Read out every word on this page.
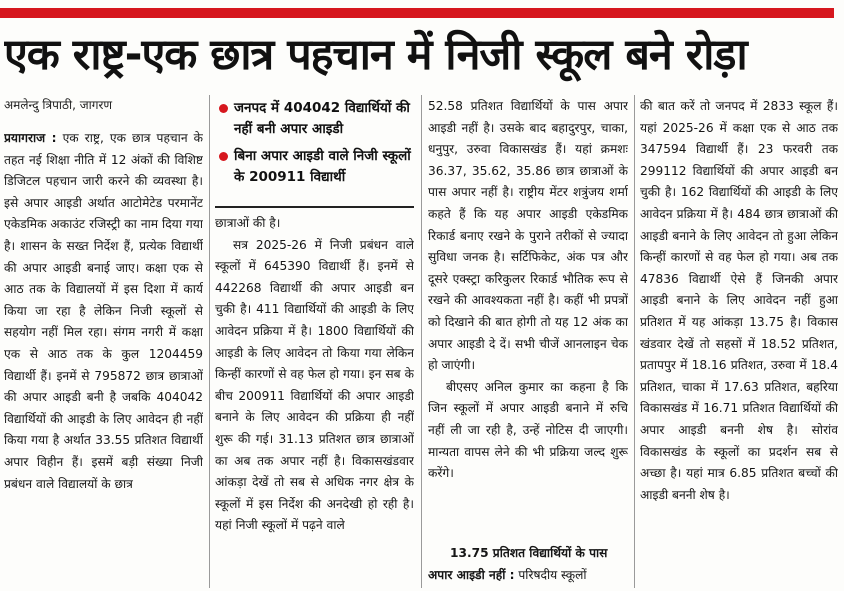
एक राष्ट्र-एक छात्र पहचान में निजी स्कूल बने रोड़ा
अमलेन्दु त्रिपाठी, जागरण

प्रयागराज : एक राष्ट्र, एक छात्र पहचान के तहत नई शिक्षा नीति में 12 अंकों की विशिष्ट डिजिटल पहचान जारी करने की व्यवस्था है। इसे अपार आइडी अर्थात आटोमेटेड परमानेंट एकेडमिक अकाउंट रजिस्ट्री का नाम दिया गया है। शासन के सख्त निर्देश हैं, प्रत्येक विद्यार्थी की अपार आइडी बनाई जाए। कक्षा एक से आठ तक के विद्यालयों में इस दिशा में कार्य किया जा रहा है लेकिन निजी स्कूलों से सहयोग नहीं मिल रहा। संगम नगरी में कक्षा एक से आठ तक के कुल 1204459 विद्यार्थी हैं। इनमें से 795872 छात्र छात्राओं की अपार आइडी बनी है जबकि 404042 विद्यार्थियों की आइडी के लिए आवेदन ही नहीं किया गया है अर्थात 33.55 प्रतिशत विद्यार्थी अपार विहीन हैं। इसमें बड़ी संख्या निजी प्रबंधन वाले विद्यालयों के छात्र

जनपद में 404042 विद्यार्थियों की नहीं बनी अपार आइडी
बिना अपार आइडी वाले निजी स्कूलों के 200911 विद्यार्थी

छात्राओं की है।

सत्र 2025-26 में निजी प्रबंधन वाले स्कूलों में 645390 विद्यार्थी हैं। इनमें से 442268 विद्यार्थी की अपार आइडी बन चुकी है। 411 विद्यार्थियों की आइडी के लिए आवेदन प्रक्रिया में है। 1800 विद्यार्थियों की आइडी के लिए आवेदन तो किया गया लेकिन किन्हीं कारणों से वह फेल हो गया। इन सब के बीच 200911 विद्यार्थियों की अपार आइडी बनाने के लिए आवेदन की प्रक्रिया ही नहीं शुरू की गई। 31.13 प्रतिशत छात्र छात्राओं का अब तक अपार नहीं है। विकासखंडवार आंकड़ा देखें तो सब से अधिक नगर क्षेत्र के स्कूलों में इस निर्देश की अनदेखी हो रही है। यहां निजी स्कूलों में पढ़ने वाले

52.58 प्रतिशत विद्यार्थियों के पास अपार आइडी नहीं है। उसके बाद बहादुरपुर, चाका, धनुपुर, उरुवा विकासखंड हैं। यहां क्रमशः 36.37, 35.62, 35.86 छात्र छात्राओं के पास अपार नहीं है। राष्ट्रीय मेंटर शत्रुंजय शर्मा कहते हैं कि यह अपार आइडी एकेडमिक रिकार्ड बनाए रखने के पुराने तरीकों से ज्यादा सुविधा जनक है। सर्टिफिकेट, अंक पत्र और दूसरे एक्स्ट्रा करिकुलर रिकार्ड भौतिक रूप से रखने की आवश्यकता नहीं है। कहीं भी प्रपत्रों को दिखाने की बात होगी तो यह 12 अंक का अपार आइडी दे दें। सभी चीजें आनलाइन चेक हो जाएंगी।

बीएसए अनिल कुमार का कहना है कि जिन स्कूलों में अपार आइडी बनाने में रुचि नहीं ली जा रही है, उन्हें नोटिस दी जाएगी। मान्यता वापस लेने की भी प्रक्रिया जल्द शुरू करेंगे।

13.75 प्रतिशत विद्यार्थियों के पास अपार आइडी नहीं : परिषदीय स्कूलों

की बात करें तो जनपद में 2833 स्कूल हैं। यहां 2025-26 में कक्षा एक से आठ तक 347594 विद्यार्थी हैं। 23 फरवरी तक 299112 विद्यार्थियों की अपार आइडी बन चुकी है। 162 विद्यार्थियों की आइडी के लिए आवेदन प्रक्रिया में है। 484 छात्र छात्राओं की आइडी बनाने के लिए आवेदन तो हुआ लेकिन किन्हीं कारणों से वह फेल हो गया। अब तक 47836 विद्यार्थी ऐसे हैं जिनकी अपार आइडी बनाने के लिए आवेदन नहीं हुआ प्रतिशत में यह आंकड़ा 13.75 है। विकास खंडवार देखें तो सहसों में 18.52 प्रतिशत, प्रतापपुर में 18.16 प्रतिशत, उरुवा में 18.4 प्रतिशत, चाका में 17.63 प्रतिशत, बहरिया विकासखंड में 16.71 प्रतिशत विद्यार्थियों की अपार आइडी बननी शेष है। सोरांव विकासखंड के स्कूलों का प्रदर्शन सब से अच्छा है। यहां मात्र 6.85 प्रतिशत बच्चों की आइडी बननी शेष है।
